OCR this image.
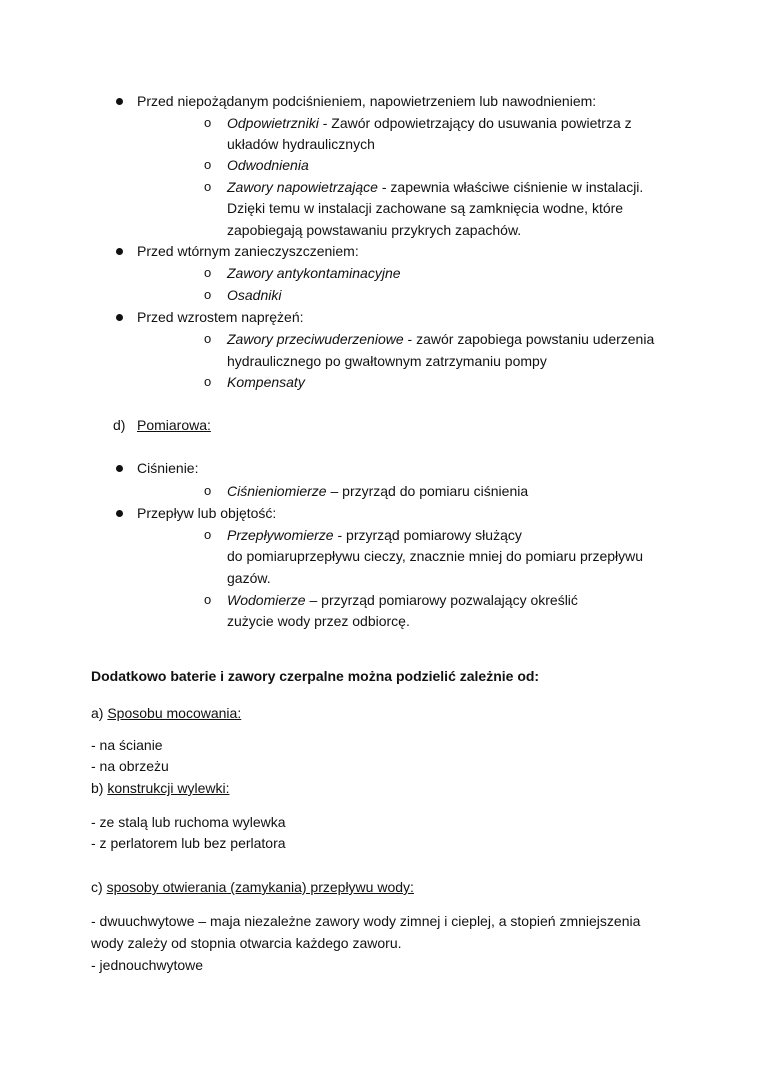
Przed niepożądanym podciśnieniem, napowietrzeniem lub nawodnieniem:
o Odpowietrzniki - Zawór odpowietrzający do usuwania powietrza z
układów hydraulicznych
o Odwodnienia
o Zawory napowietrzające - zapewnia właściwe ciśnienie w instalacji.
Dzięki temu w instalacji zachowane są zamknięcia wodne, które
zapobiegają powstawaniu przykrych zapachów.
Przed wtórnym zanieczyszczeniem:
o Zawory antykontaminacyjne
o Osadniki
Przed wzrostem naprężeń:
o Zawory przeciwuderzeniowe - zawór zapobiega powstaniu uderzenia
hydraulicznego po gwałtownym zatrzymaniu pompy
o Kompensaty
d) Pomiarowa:
Ciśnienie:
o Ciśnieniomierze – przyrząd do pomiaru ciśnienia
Przepływ lub objętość:
o Przepływomierze - przyrząd pomiarowy służący
do pomiaruprzepływu cieczy, znacznie mniej do pomiaru przepływu
gazów.
o Wodomierze – przyrząd pomiarowy pozwalający określić
zużycie wody przez odbiorcę.
Dodatkowo baterie i zawory czerpalne można podzielić zależnie od:
a) Sposobu mocowania:
- na ścianie
- na obrzeżu
b) konstrukcji wylewki:
- ze stalą lub ruchoma wylewka
- z perlatorem lub bez perlatora
c) sposoby otwierania (zamykania) przepływu wody:
- dwuuchwytowe – maja niezależne zawory wody zimnej i cieplej, a stopień zmniejszenia
wody zależy od stopnia otwarcia każdego zaworu.
- jednouchwytowe
